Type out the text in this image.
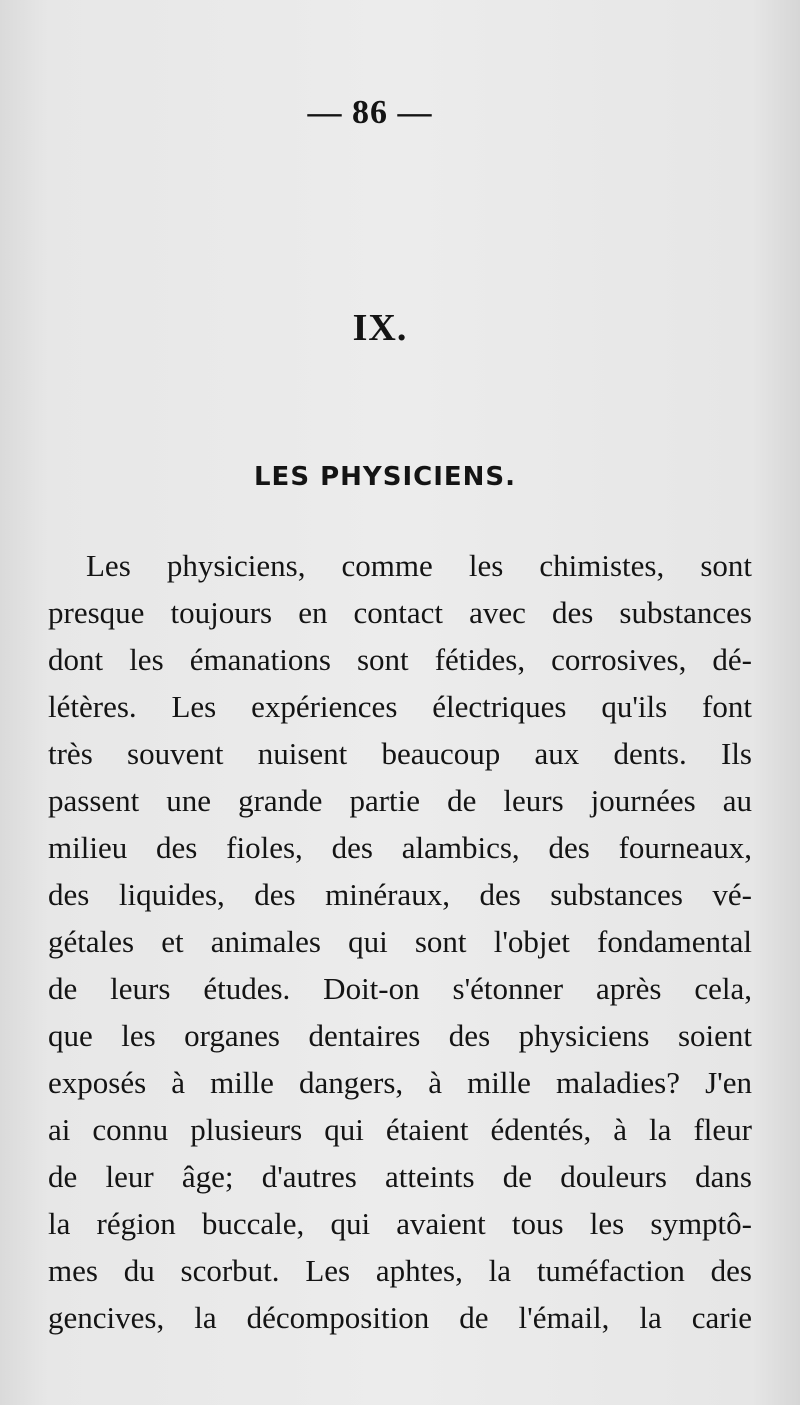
— 86 —
IX.
LES PHYSICIENS.
Les physiciens, comme les chimistes, sont
presque toujours en contact avec des substances
dont les émanations sont fétides, corrosives, dé-
létères. Les expériences électriques qu'ils font
très souvent nuisent beaucoup aux dents. Ils
passent une grande partie de leurs journées au
milieu des fioles, des alambics, des fourneaux,
des liquides, des minéraux, des substances vé-
gétales et animales qui sont l'objet fondamental
de leurs études. Doit-on s'étonner après cela,
que les organes dentaires des physiciens soient
exposés à mille dangers, à mille maladies? J'en
ai connu plusieurs qui étaient édentés, à la fleur
de leur âge; d'autres atteints de douleurs dans
la région buccale, qui avaient tous les symptô-
mes du scorbut. Les aphtes, la tuméfaction des
gencives, la décomposition de l'émail, la carie
